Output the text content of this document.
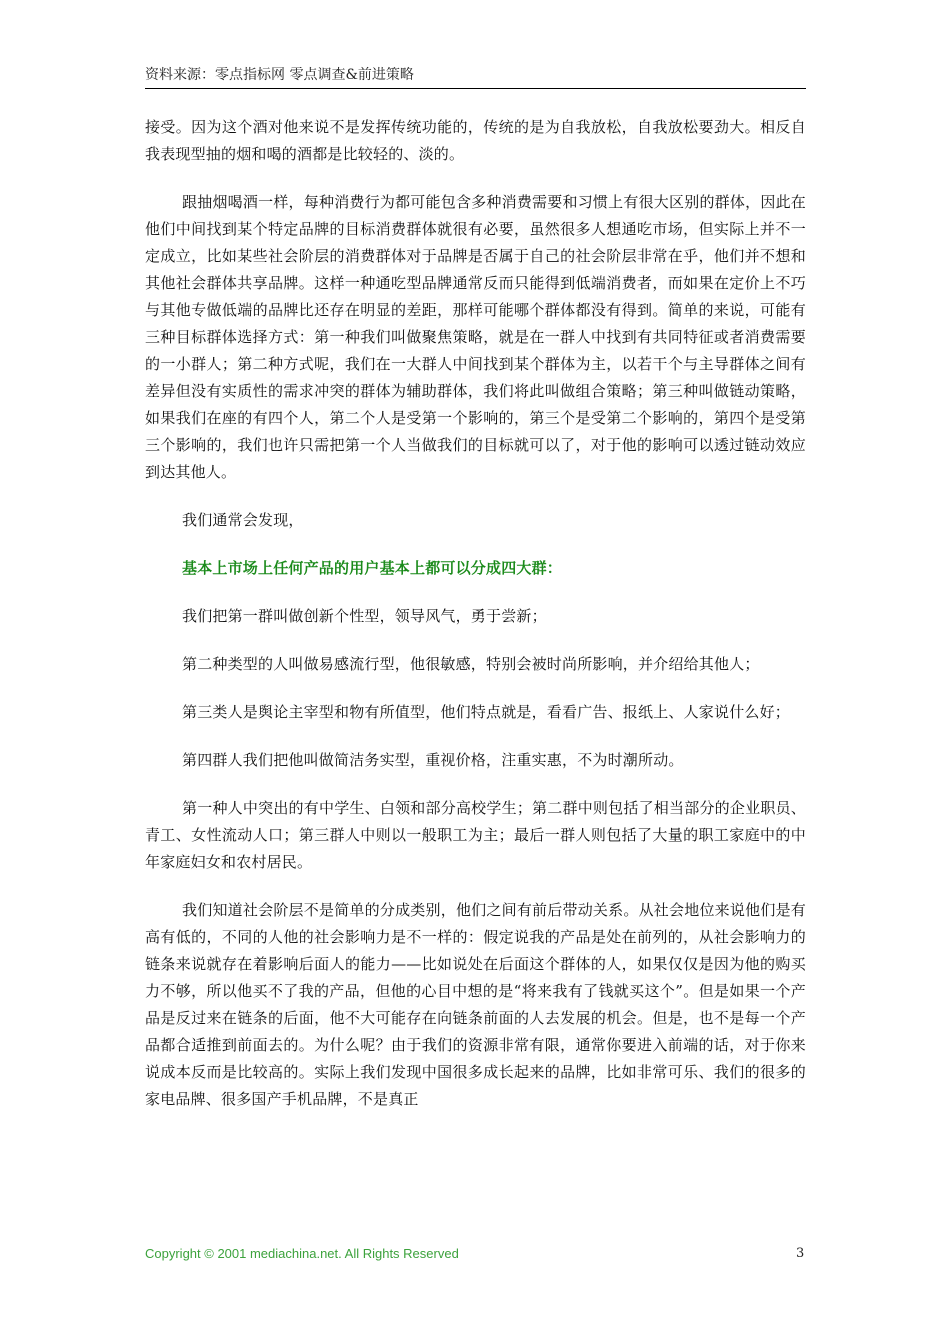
资料来源：零点指标网 零点调查&前进策略

接受。因为这个酒对他来说不是发挥传统功能的，传统的是为自我放松，自我放松要劲大。相反自我表现型抽的烟和喝的酒都是比较轻的、淡的。

跟抽烟喝酒一样，每种消费行为都可能包含多种消费需要和习惯上有很大区别的群体，因此在他们中间找到某个特定品牌的目标消费群体就很有必要，虽然很多人想通吃市场，但实际上并不一定成立，比如某些社会阶层的消费群体对于品牌是否属于自己的社会阶层非常在乎，他们并不想和其他社会群体共享品牌。这样一种通吃型品牌通常反而只能得到低端消费者，而如果在定价上不巧与其他专做低端的品牌比还存在明显的差距，那样可能哪个群体都没有得到。简单的来说，可能有三种目标群体选择方式：第一种我们叫做聚焦策略，就是在一群人中找到有共同特征或者消费需要的一小群人；第二种方式呢，我们在一大群人中间找到某个群体为主，以若干个与主导群体之间有差异但没有实质性的需求冲突的群体为辅助群体，我们将此叫做组合策略；第三种叫做链动策略，如果我们在座的有四个人，第二个人是受第一个影响的，第三个是受第二个影响的，第四个是受第三个影响的，我们也许只需把第一个人当做我们的目标就可以了，对于他的影响可以透过链动效应到达其他人。

我们通常会发现，

基本上市场上任何产品的用户基本上都可以分成四大群：

我们把第一群叫做创新个性型，领导风气，勇于尝新；

第二种类型的人叫做易感流行型，他很敏感，特别会被时尚所影响，并介绍给其他人；

第三类人是舆论主宰型和物有所值型，他们特点就是，看看广告、报纸上、人家说什么好；

第四群人我们把他叫做简洁务实型，重视价格，注重实惠，不为时潮所动。

第一种人中突出的有中学生、白领和部分高校学生；第二群中则包括了相当部分的企业职员、青工、女性流动人口；第三群人中则以一般职工为主；最后一群人则包括了大量的职工家庭中的中年家庭妇女和农村居民。

我们知道社会阶层不是简单的分成类别，他们之间有前后带动关系。从社会地位来说他们是有高有低的，不同的人他的社会影响力是不一样的：假定说我的产品是处在前列的，从社会影响力的链条来说就存在着影响后面人的能力——比如说处在后面这个群体的人，如果仅仅是因为他的购买力不够，所以他买不了我的产品，但他的心目中想的是“将来我有了钱就买这个”。但是如果一个产品是反过来在链条的后面，他不大可能存在向链条前面的人去发展的机会。但是，也不是每一个产品都合适推到前面去的。为什么呢？由于我们的资源非常有限，通常你要进入前端的话，对于你来说成本反而是比较高的。实际上我们发现中国很多成长起来的品牌，比如非常可乐、我们的很多的家电品牌、很多国产手机品牌，不是真正

Copyright © 2001 mediachina.net. All Rights Reserved	3
